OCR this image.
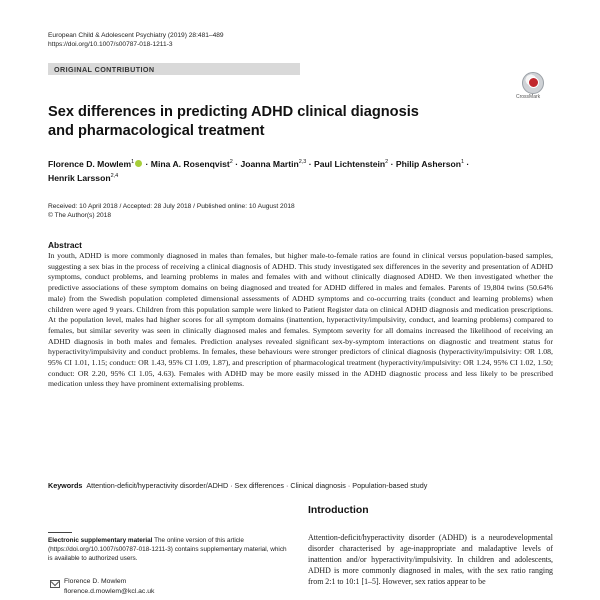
European Child & Adolescent Psychiatry (2019) 28:481–489
https://doi.org/10.1007/s00787-018-1211-3
ORIGINAL CONTRIBUTION
CrossMark
Sex differences in predicting ADHD clinical diagnosis and pharmacological treatment
Florence D. Mowlem$^1$ · Mina A. Rosenqvist$^2$ · Joanna Martin$^{2,3}$ · Paul Lichtenstein$^2$ · Philip Asherson$^1$ ·
Henrik Larsson$^{2,4}$
Received: 10 April 2018 / Accepted: 28 July 2018 / Published online: 10 August 2018
© The Author(s) 2018
Abstract
In youth, ADHD is more commonly diagnosed in males than females, but higher male-to-female ratios are found in clinical versus population-based samples, suggesting a sex bias in the process of receiving a clinical diagnosis of ADHD. This study investigated sex differences in the severity and presentation of ADHD symptoms, conduct problems, and learning problems in males and females with and without clinically diagnosed ADHD. We then investigated whether the predictive associations of these symptom domains on being diagnosed and treated for ADHD differed in males and females. Parents of 19,804 twins (50.64% male) from the Swedish population completed dimensional assessments of ADHD symptoms and co-occurring traits (conduct and learning problems) when children were aged 9 years. Children from this population sample were linked to Patient Register data on clinical ADHD diagnosis and medication prescriptions. At the population level, males had higher scores for all symptom domains (inattention, hyperactivity/impulsivity, conduct, and learning problems) compared to females, but similar severity was seen in clinically diagnosed males and females. Symptom severity for all domains increased the likelihood of receiving an ADHD diagnosis in both males and females. Prediction analyses revealed significant sex-by-symptom interactions on diagnostic and treatment status for hyperactivity/impulsivity and conduct problems. In females, these behaviours were stronger predictors of clinical diagnosis (hyperactivity/impulsivity: OR 1.08, 95% CI 1.01, 1.15; conduct: OR 1.43, 95% CI 1.09, 1.87), and prescription of pharmacological treatment (hyperactivity/impulsivity: OR 1.24, 95% CI 1.02, 1.50; conduct: OR 2.20, 95% CI 1.05, 4.63). Females with ADHD may be more easily missed in the ADHD diagnostic process and less likely to be prescribed medication unless they have prominent externalising problems.
Keywords Attention-deficit/hyperactivity disorder/ADHD · Sex differences · Clinical diagnosis · Population-based study
Electronic supplementary material The online version of this article (https://doi.org/10.1007/s00787-018-1211-3) contains supplementary material, which is available to authorized users.
Florence D. Mowlem
florence.d.mowlem@kcl.ac.uk
Introduction
Attention-deficit/hyperactivity disorder (ADHD) is a neurodevelopmental disorder characterised by age-inappropriate and maladaptive levels of inattention and/or hyperactivity/impulsivity. In children and adolescents, ADHD is more commonly diagnosed in males, with the sex ratio ranging from 2:1 to 10:1 [1–5]. However, sex ratios appear to be
